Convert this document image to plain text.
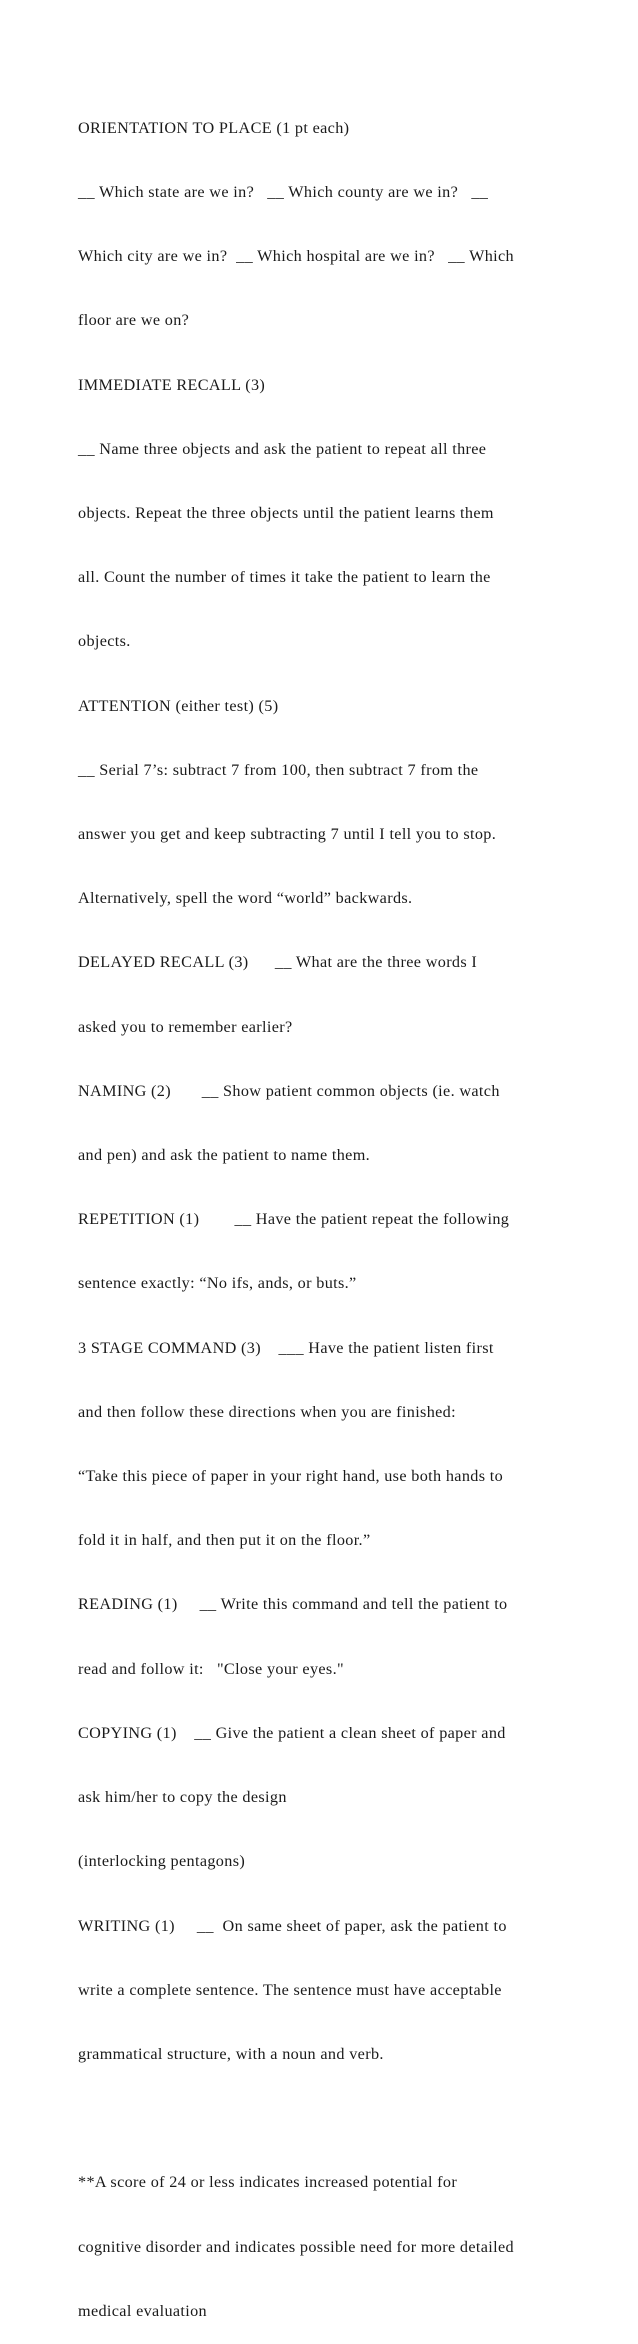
ORIENTATION TO PLACE (1 pt each)

__ Which state are we in?   __ Which county are we in?   __

Which city are we in?  __ Which hospital are we in?   __ Which

floor are we on?

IMMEDIATE RECALL (3)

__ Name three objects and ask the patient to repeat all three

objects. Repeat the three objects until the patient learns them

all. Count the number of times it take the patient to learn the

objects.

ATTENTION (either test) (5)

__ Serial 7’s: subtract 7 from 100, then subtract 7 from the

answer you get and keep subtracting 7 until I tell you to stop.

Alternatively, spell the word “world” backwards.

DELAYED RECALL (3)      __ What are the three words I

asked you to remember earlier?

NAMING (2)       __ Show patient common objects (ie. watch

and pen) and ask the patient to name them.

REPETITION (1)        __ Have the patient repeat the following

sentence exactly: “No ifs, ands, or buts.”

3 STAGE COMMAND (3)    ___ Have the patient listen first

and then follow these directions when you are finished:

“Take this piece of paper in your right hand, use both hands to

fold it in half, and then put it on the floor.”

READING (1)     __ Write this command and tell the patient to

read and follow it:   "Close your eyes."

COPYING (1)    __ Give the patient a clean sheet of paper and

ask him/her to copy the design

(interlocking pentagons)

WRITING (1)     __  On same sheet of paper, ask the patient to

write a complete sentence. The sentence must have acceptable

grammatical structure, with a noun and verb.

**A score of 24 or less indicates increased potential for

cognitive disorder and indicates possible need for more detailed

medical evaluation
